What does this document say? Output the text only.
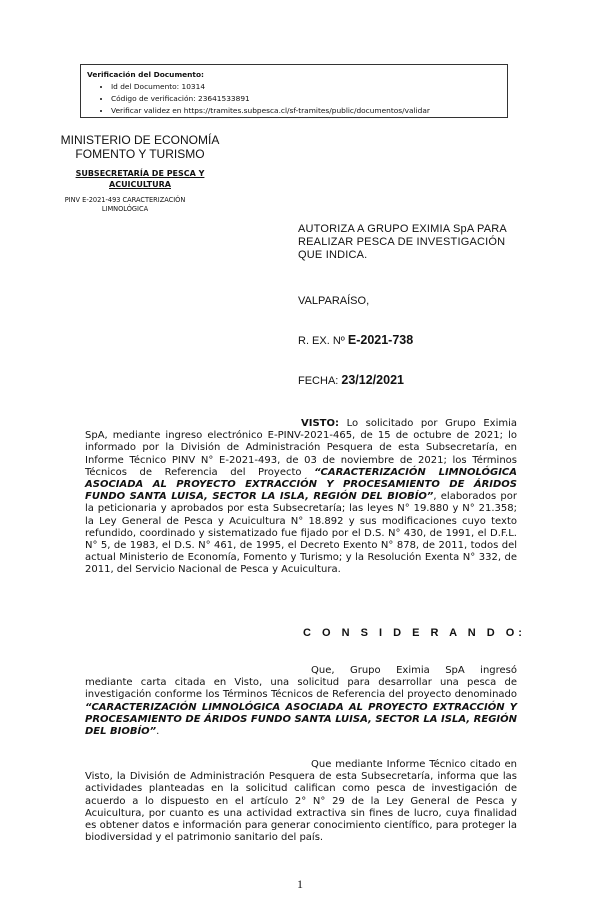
Verificación del Documento:
• Id del Documento: 10314
• Código de verificación: 23641533891
• Verificar validez en https://tramites.subpesca.cl/sf-tramites/public/documentos/validar
MINISTERIO DE ECONOMÍA
FOMENTO Y TURISMO
SUBSECRETARÍA DE PESCA Y
ACUICULTURA
PINV E-2021-493 CARACTERIZACIÓN
LIMNOLÓGICA
AUTORIZA A GRUPO EXIMIA SpA PARA REALIZAR PESCA DE INVESTIGACIÓN QUE INDICA.
VALPARAÍSO,
R. EX. Nº E-2021-738
FECHA: 23/12/2021
VISTO: Lo solicitado por Grupo Eximia SpA, mediante ingreso electrónico E-PINV-2021-465, de 15 de octubre de 2021; lo informado por la División de Administración Pesquera de esta Subsecretaría, en Informe Técnico PINV N° E-2021-493, de 03 de noviembre de 2021; los Términos Técnicos de Referencia del Proyecto “CARACTERIZACIÓN LIMNOLÓGICA ASOCIADA AL PROYECTO EXTRACCIÓN Y PROCESAMIENTO DE ÁRIDOS FUNDO SANTA LUISA, SECTOR LA ISLA, REGIÓN DEL BIOBÍO”, elaborados por la peticionaria y aprobados por esta Subsecretaría; las leyes N° 19.880 y N° 21.358; la Ley General de Pesca y Acuicultura N° 18.892 y sus modificaciones cuyo texto refundido, coordinado y sistematizado fue fijado por el D.S. N° 430, de 1991, el D.F.L. N° 5, de 1983, el D.S. N° 461, de 1995, el Decreto Exento N° 878, de 2011, todos del actual Ministerio de Economía, Fomento y Turismo; y la Resolución Exenta N° 332, de 2011, del Servicio Nacional de Pesca y Acuicultura.
C O N S I D E R A N D O:
Que, Grupo Eximia SpA ingresó mediante carta citada en Visto, una solicitud para desarrollar una pesca de investigación conforme los Términos Técnicos de Referencia del proyecto denominado “CARACTERIZACIÓN LIMNOLÓGICA ASOCIADA AL PROYECTO EXTRACCIÓN Y PROCESAMIENTO DE ÁRIDOS FUNDO SANTA LUISA, SECTOR LA ISLA, REGIÓN DEL BIOBÍO”.
Que mediante Informe Técnico citado en Visto, la División de Administración Pesquera de esta Subsecretaría, informa que las actividades planteadas en la solicitud califican como pesca de investigación de acuerdo a lo dispuesto en el artículo 2° N° 29 de la Ley General de Pesca y Acuicultura, por cuanto es una actividad extractiva sin fines de lucro, cuya finalidad es obtener datos e información para generar conocimiento científico, para proteger la biodiversidad y el patrimonio sanitario del país.
1
